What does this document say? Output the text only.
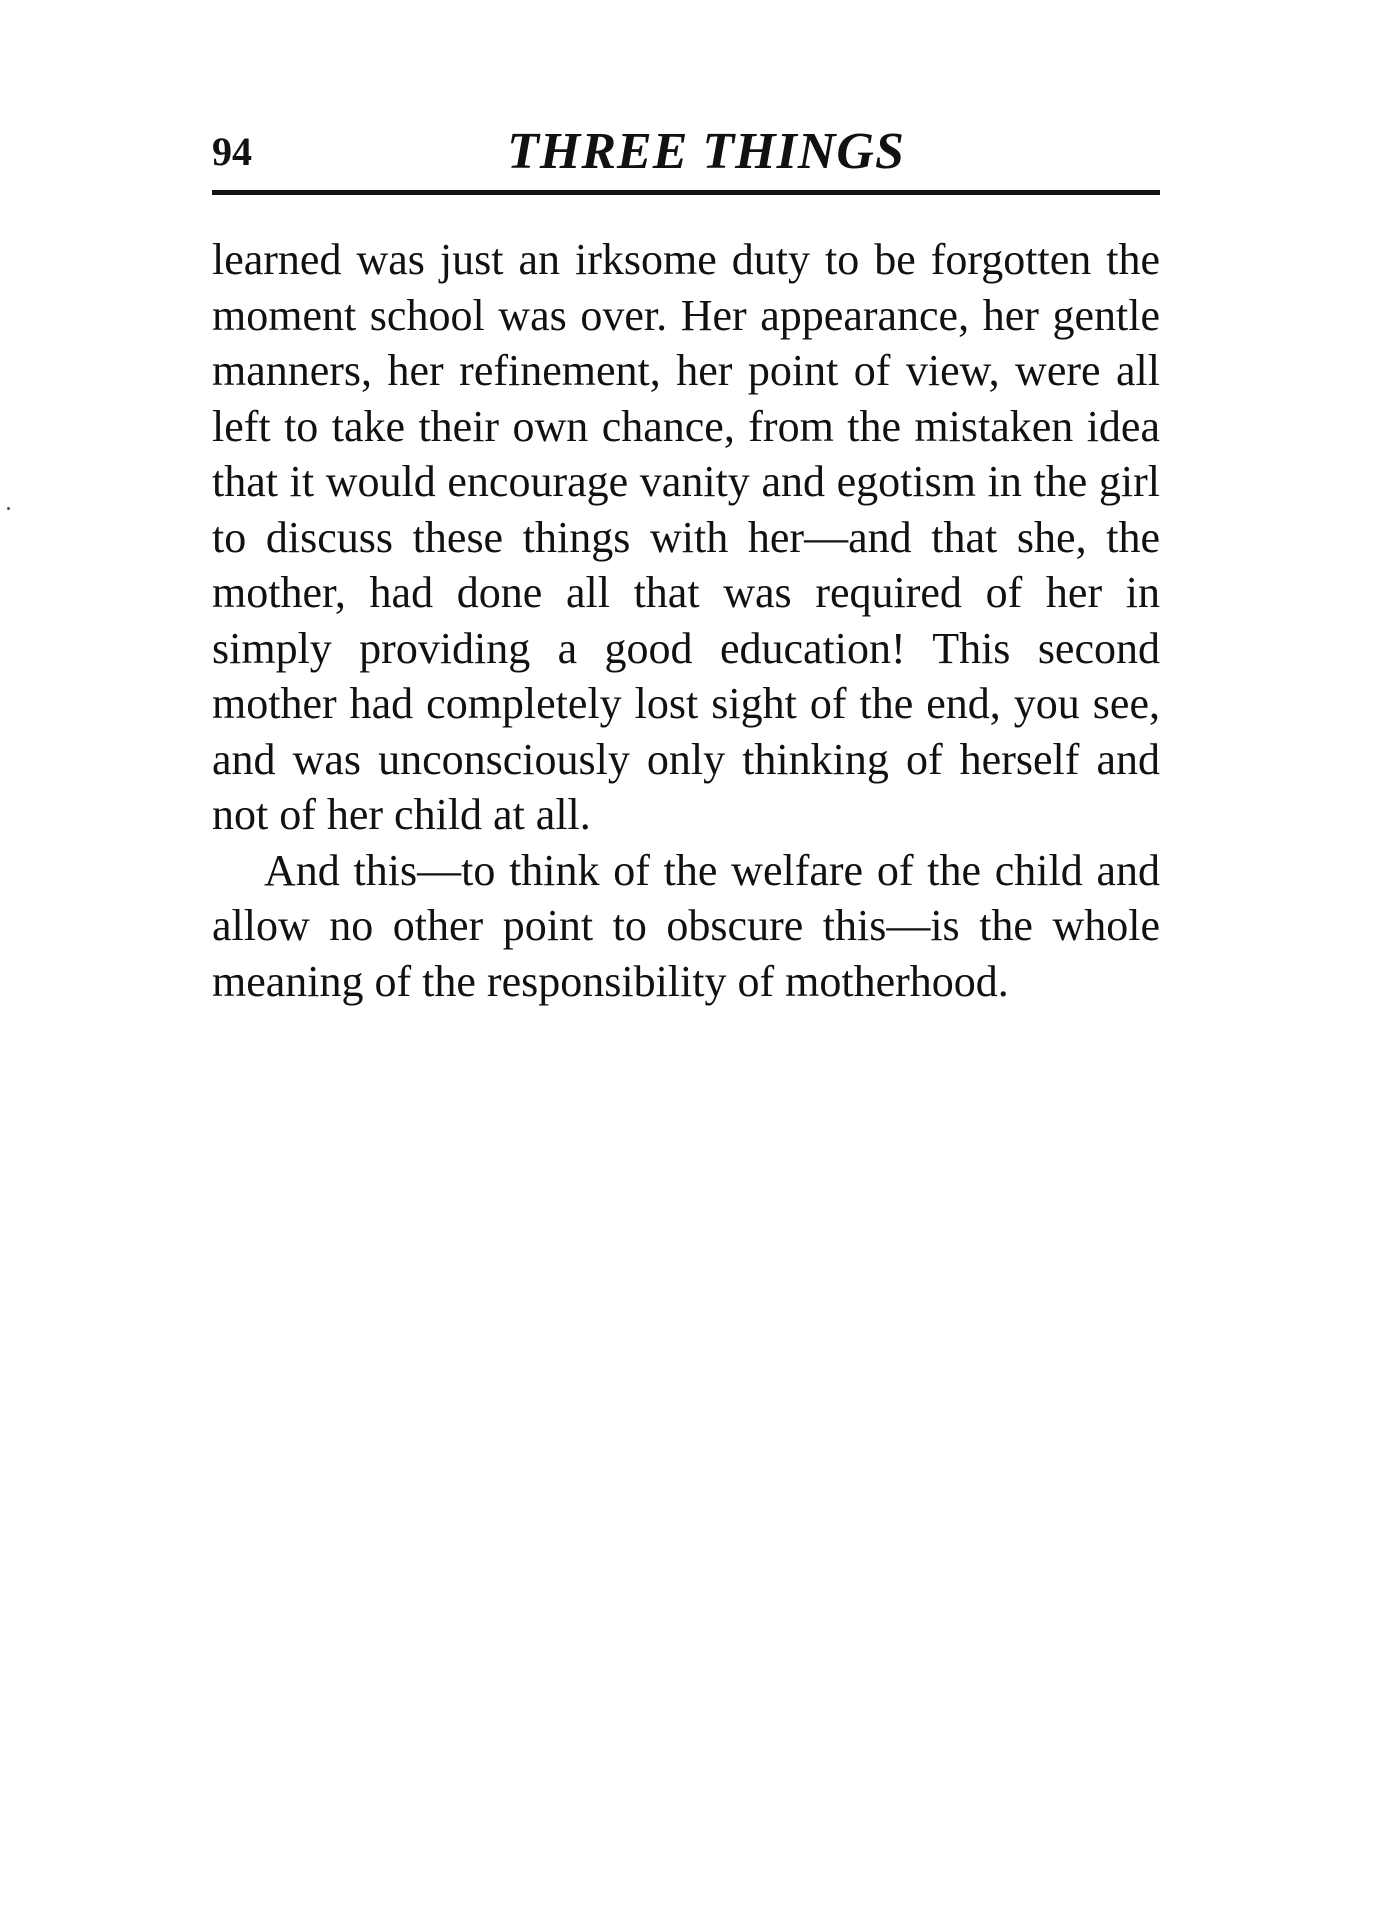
94	THREE THINGS

learned was just an irksome duty to be forgotten the moment school was over. Her appearance, her gentle manners, her refinement, her point of view, were all left to take their own chance, from the mistaken idea that it would encourage vanity and egotism in the girl to discuss these things with her—and that she, the mother, had done all that was required of her in simply providing a good education! This second mother had completely lost sight of the end, you see, and was unconsciously only thinking of herself and not of her child at all.

And this—to think of the welfare of the child and allow no other point to obscure this—is the whole meaning of the responsibility of motherhood.
